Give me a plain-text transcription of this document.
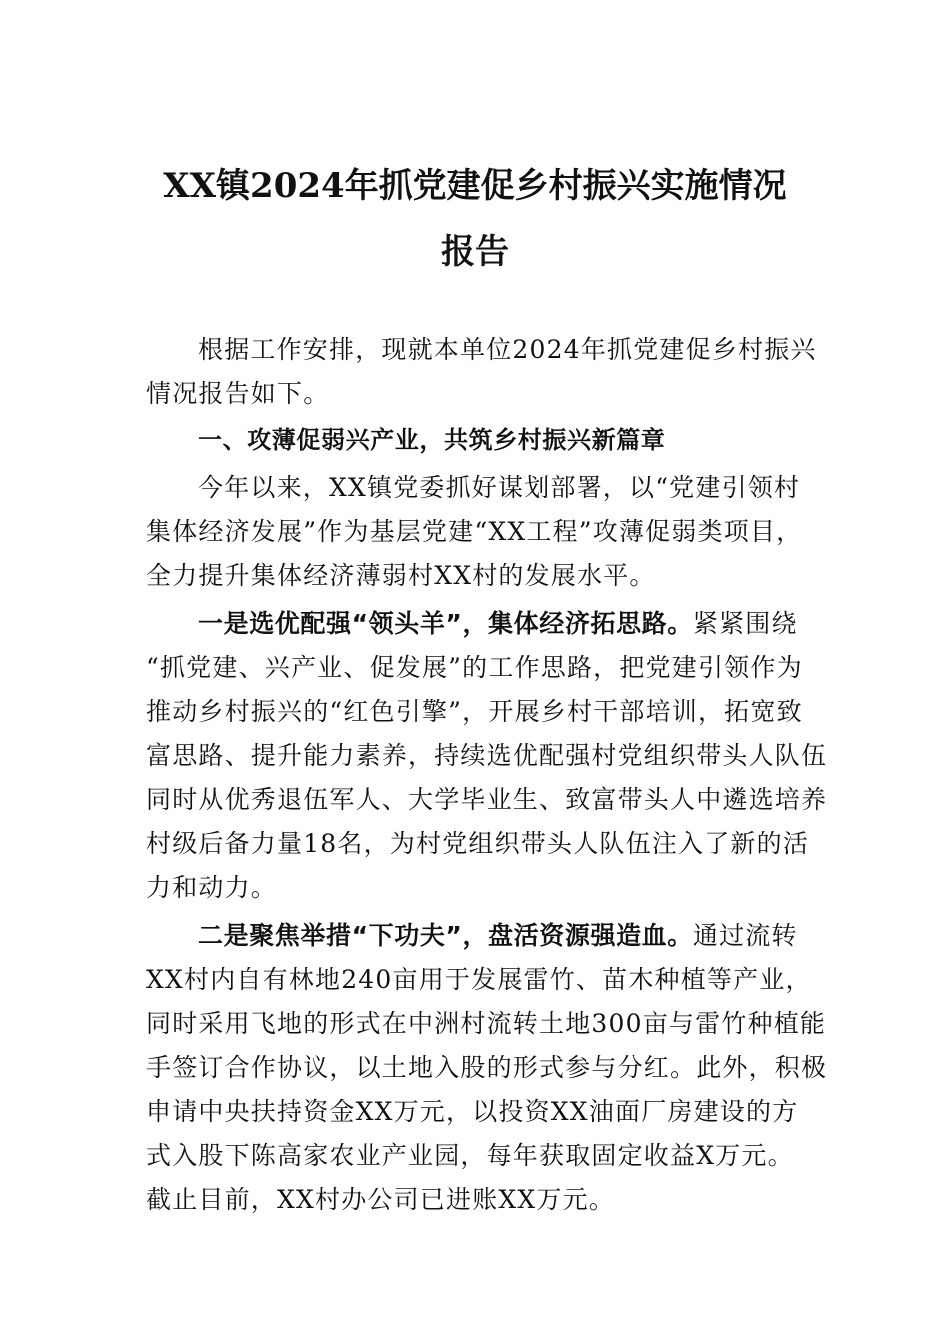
XX镇2024年抓党建促乡村振兴实施情况
报告
根据工作安排，现就本单位2024年抓党建促乡村振兴
情况报告如下。
一、攻薄促弱兴产业，共筑乡村振兴新篇章
今年以来，XX镇党委抓好谋划部署，以“党建引领村
集体经济发展”作为基层党建“XX工程”攻薄促弱类项目，
全力提升集体经济薄弱村XX村的发展水平。
一是选优配强“领头羊”，集体经济拓思路。紧紧围绕
“抓党建、兴产业、促发展”的工作思路，把党建引领作为
推动乡村振兴的“红色引擎”，开展乡村干部培训，拓宽致
富思路、提升能力素养，持续选优配强村党组织带头人队伍
同时从优秀退伍军人、大学毕业生、致富带头人中遴选培养
村级后备力量18名，为村党组织带头人队伍注入了新的活
力和动力。
二是聚焦举措“下功夫”，盘活资源强造血。通过流转
XX村内自有林地240亩用于发展雷竹、苗木种植等产业，
同时采用飞地的形式在中洲村流转土地300亩与雷竹种植能
手签订合作协议，以土地入股的形式参与分红。此外，积极
申请中央扶持资金XX万元，以投资XX油面厂房建设的方
式入股下陈高家农业产业园，每年获取固定收益X万元。
截止目前，XX村办公司已进账XX万元。
